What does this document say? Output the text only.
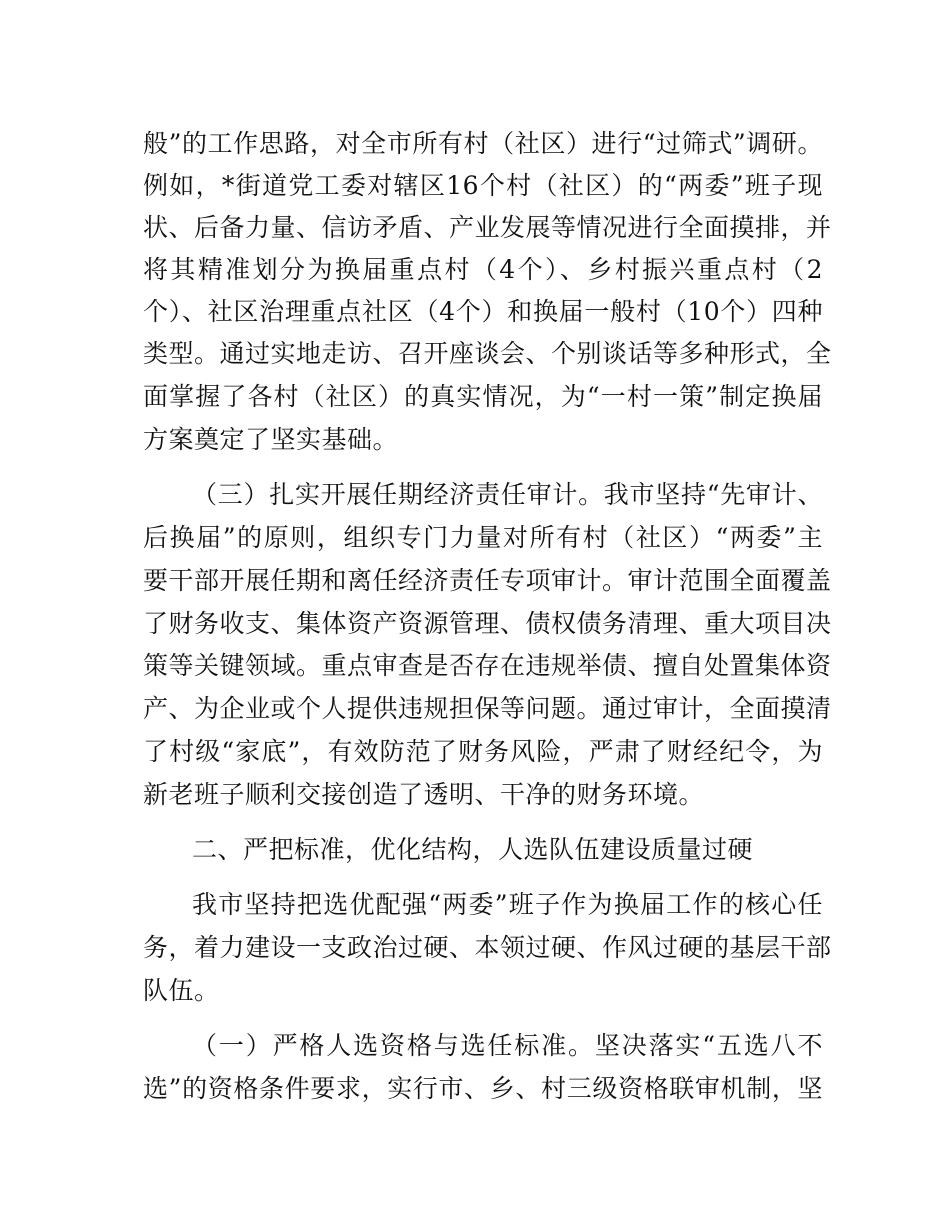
般”的工作思路，对全市所有村（社区）进行“过筛式”调研。
例如，*街道党工委对辖区16个村（社区）的“两委”班子现
状、后备力量、信访矛盾、产业发展等情况进行全面摸排，并
将其精准划分为换届重点村（4个）、乡村振兴重点村（2
个）、社区治理重点社区（4个）和换届一般村（10个）四种
类型。通过实地走访、召开座谈会、个别谈话等多种形式，全
面掌握了各村（社区）的真实情况，为“一村一策”制定换届
方案奠定了坚实基础。
（三）扎实开展任期经济责任审计。我市坚持“先审计、
后换届”的原则，组织专门力量对所有村（社区）“两委”主
要干部开展任期和离任经济责任专项审计。审计范围全面覆盖
了财务收支、集体资产资源管理、债权债务清理、重大项目决
策等关键领域。重点审查是否存在违规举债、擅自处置集体资
产、为企业或个人提供违规担保等问题。通过审计，全面摸清
了村级“家底”，有效防范了财务风险，严肃了财经纪令，为
新老班子顺利交接创造了透明、干净的财务环境。
二、严把标准，优化结构，人选队伍建设质量过硬
我市坚持把选优配强“两委”班子作为换届工作的核心任
务，着力建设一支政治过硬、本领过硬、作风过硬的基层干部
队伍。
（一）严格人选资格与选任标准。坚决落实“五选八不
选”的资格条件要求，实行市、乡、村三级资格联审机制，坚
